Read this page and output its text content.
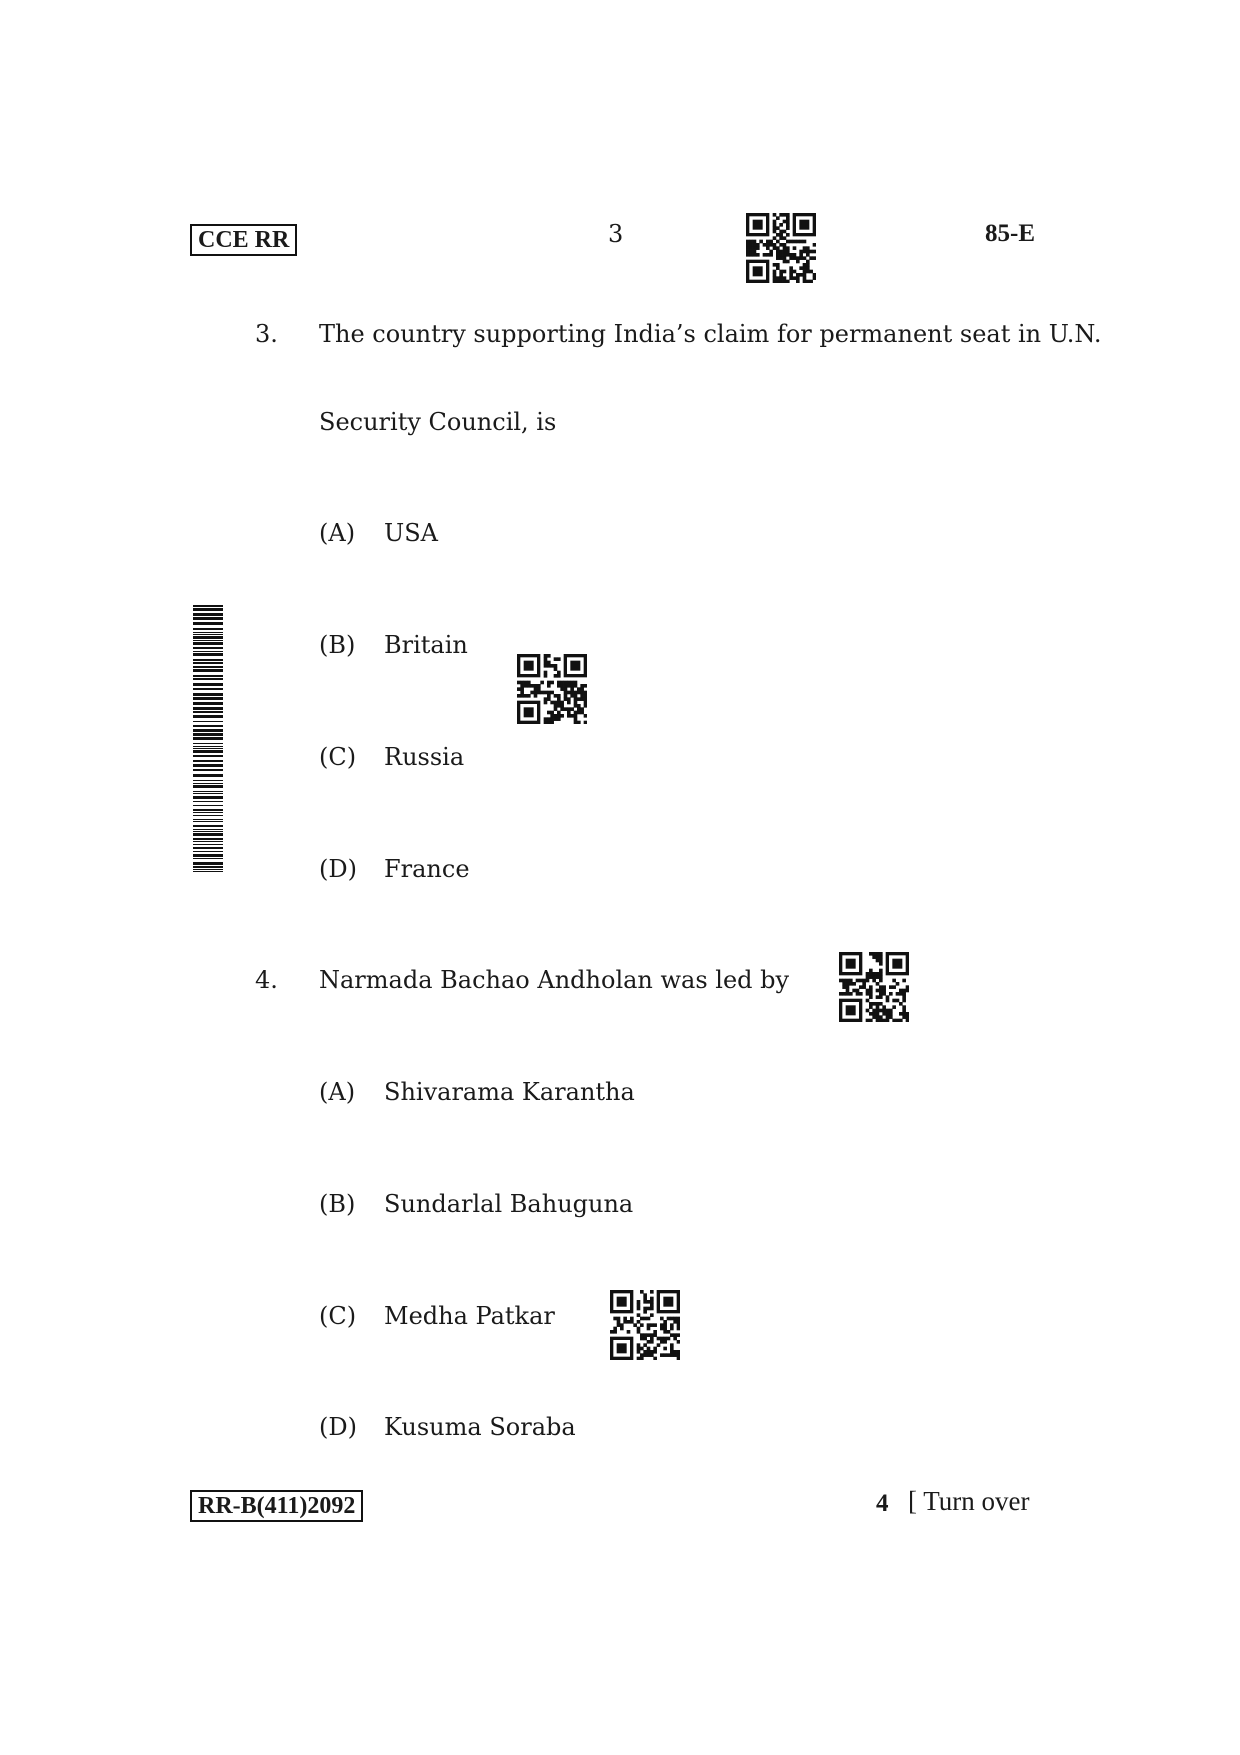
CCE RR	3	85-E
3. The country supporting India’s claim for permanent seat in U.N.
Security Council, is
(A) USA
(B) Britain
(C) Russia
(D) France
4. Narmada Bachao Andholan was led by
(A) Shivarama Karantha
(B) Sundarlal Bahuguna
(C) Medha Patkar
(D) Kusuma Soraba
RR-B(411)2092	4 [ Turn over
